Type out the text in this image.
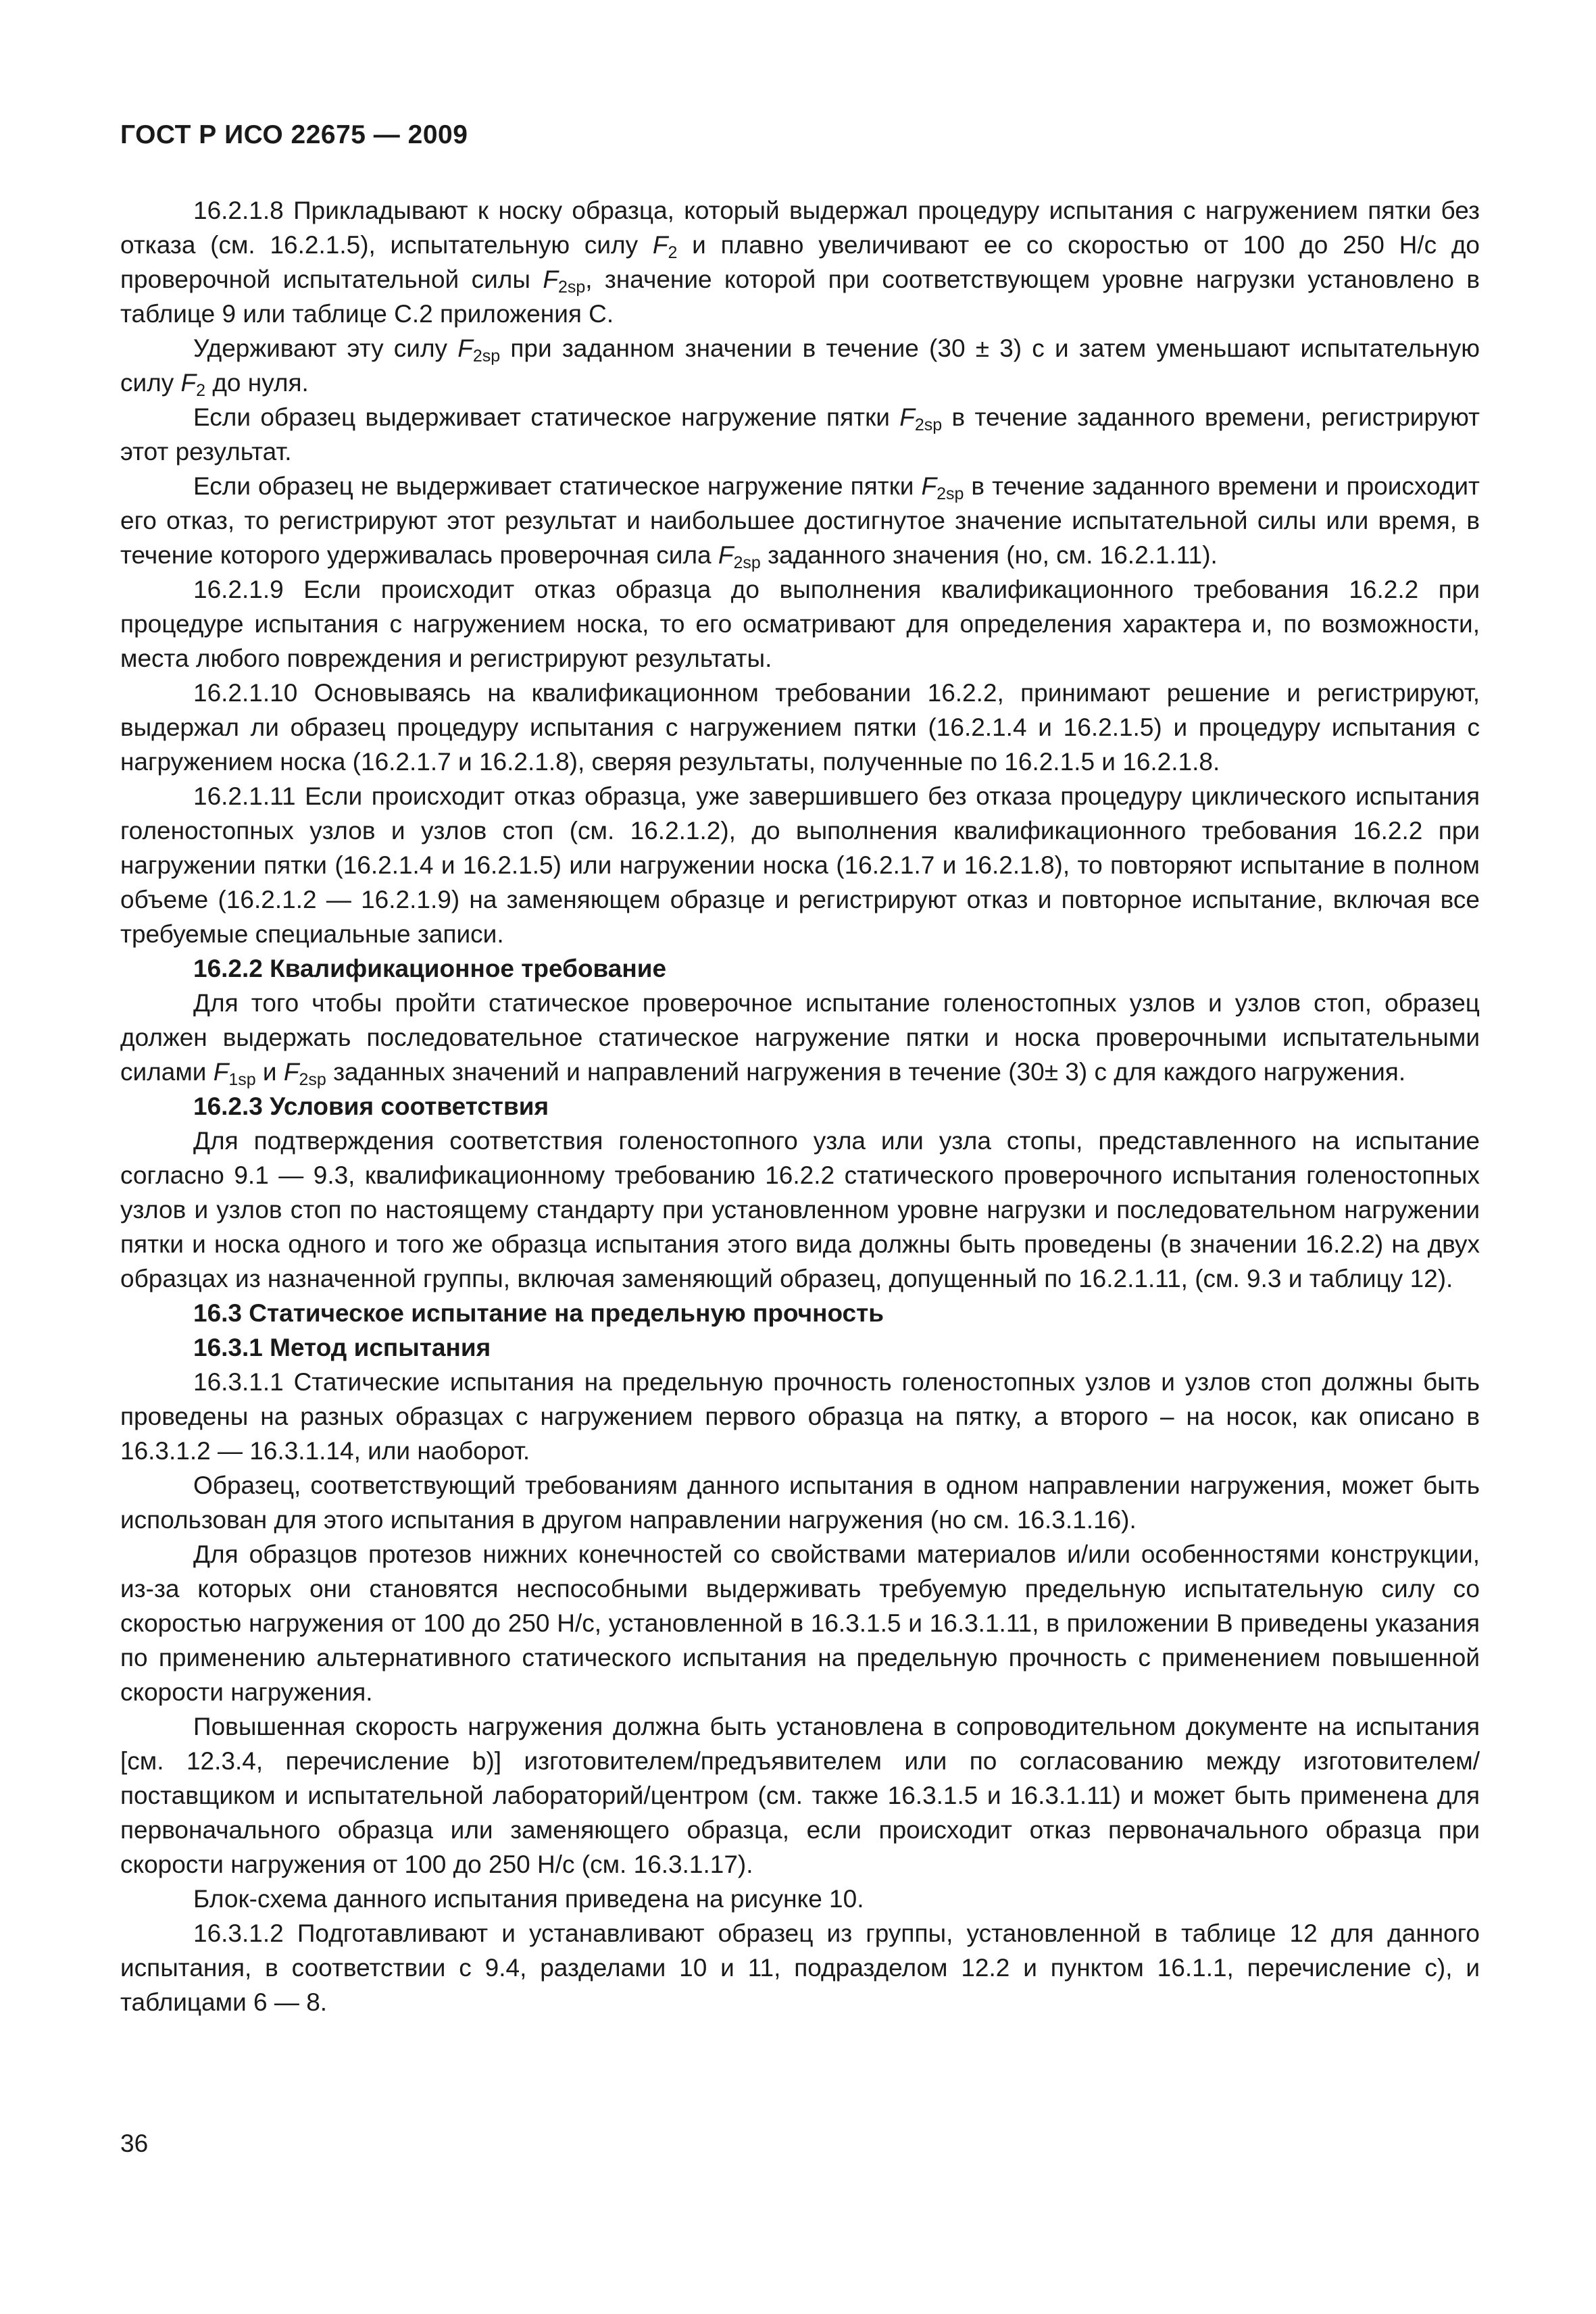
ГОСТ Р ИСО 22675 — 2009

16.2.1.8 Прикладывают к носку образца, который выдержал процедуру испытания с нагружением пятки без отказа (см. 16.2.1.5), испытательную силу $F_2$ и плавно увеличивают ее со скоростью от 100 до 250 Н/с до проверочной испытательной силы $F_{2sp}$, значение которой при соответствующем уровне нагрузки установлено в таблице 9 или таблице С.2 приложения С.

Удерживают эту силу $F_{2sp}$ при заданном значении в течение (30 ± 3) с и затем уменьшают испытательную силу $F_2$ до нуля.

Если образец выдерживает статическое нагружение пятки $F_{2sp}$ в течение заданного времени, регистрируют этот результат.

Если образец не выдерживает статическое нагружение пятки $F_{2sp}$ в течение заданного времени и происходит его отказ, то регистрируют этот результат и наибольшее достигнутое значение испытательной силы или время, в течение которого удерживалась проверочная сила $F_{2sp}$ заданного значения (но, см. 16.2.1.11).

16.2.1.9 Если происходит отказ образца до выполнения квалификационного требования 16.2.2 при процедуре испытания с нагружением носка, то его осматривают для определения характера и, по возможности, места любого повреждения и регистрируют результаты.

16.2.1.10 Основываясь на квалификационном требовании 16.2.2, принимают решение и регистрируют, выдержал ли образец процедуру испытания с нагружением пятки (16.2.1.4 и 16.2.1.5) и процедуру испытания с нагружением носка (16.2.1.7 и 16.2.1.8), сверяя результаты, полученные по 16.2.1.5 и 16.2.1.8.

16.2.1.11 Если происходит отказ образца, уже завершившего без отказа процедуру циклического испытания голеностопных узлов и узлов стоп (см. 16.2.1.2), до выполнения квалификационного требования 16.2.2 при нагружении пятки (16.2.1.4 и 16.2.1.5) или нагружении носка (16.2.1.7 и 16.2.1.8), то повторяют испытание в полном объеме (16.2.1.2 — 16.2.1.9) на заменяющем образце и регистрируют отказ и повторное испытание, включая все требуемые специальные записи.

16.2.2 Квалификационное требование

Для того чтобы пройти статическое проверочное испытание голеностопных узлов и узлов стоп, образец должен выдержать последовательное статическое нагружение пятки и носка проверочными испытательными силами $F_{1sp}$ и $F_{2sp}$ заданных значений и направлений нагружения в течение (30± 3) с для каждого нагружения.

16.2.3 Условия соответствия

Для подтверждения соответствия голеностопного узла или узла стопы, представленного на испытание согласно 9.1 — 9.3, квалификационному требованию 16.2.2 статического проверочного испытания голеностопных узлов и узлов стоп по настоящему стандарту при установленном уровне нагрузки и последовательном нагружении пятки и носка одного и того же образца испытания этого вида должны быть проведены (в значении 16.2.2) на двух образцах из назначенной группы, включая заменяющий образец, допущенный по 16.2.1.11, (см. 9.3 и таблицу 12).

16.3 Статическое испытание на предельную прочность

16.3.1 Метод испытания

16.3.1.1 Статические испытания на предельную прочность голеностопных узлов и узлов стоп должны быть проведены на разных образцах с нагружением первого образца на пятку, а второго – на носок, как описано в 16.3.1.2 — 16.3.1.14, или наоборот.

Образец, соответствующий требованиям данного испытания в одном направлении нагружения, может быть использован для этого испытания в другом направлении нагружения (но см. 16.3.1.16).

Для образцов протезов нижних конечностей со свойствами материалов и/или особенностями конструкции, из-за которых они становятся неспособными выдерживать требуемую предельную испытательную силу со скоростью нагружения от 100 до 250 Н/с, установленной в 16.3.1.5 и 16.3.1.11, в приложении В приведены указания по применению альтернативного статического испытания на предельную прочность с применением повышенной скорости нагружения.

Повышенная скорость нагружения должна быть установлена в сопроводительном документе на испытания [см. 12.3.4, перечисление b)] изготовителем/предъявителем или по согласованию между изготовителем/поставщиком и испытательной лабораторий/центром (см. также 16.3.1.5 и 16.3.1.11) и может быть применена для первоначального образца или заменяющего образца, если происходит отказ первоначального образца при скорости нагружения от 100 до 250 Н/с (см. 16.3.1.17).

Блок-схема данного испытания приведена на рисунке 10.

16.3.1.2 Подготавливают и устанавливают образец из группы, установленной в таблице 12 для данного испытания, в соответствии с 9.4, разделами 10 и 11, подразделом 12.2 и пунктом 16.1.1, перечисление с), и таблицами 6 — 8.

36
